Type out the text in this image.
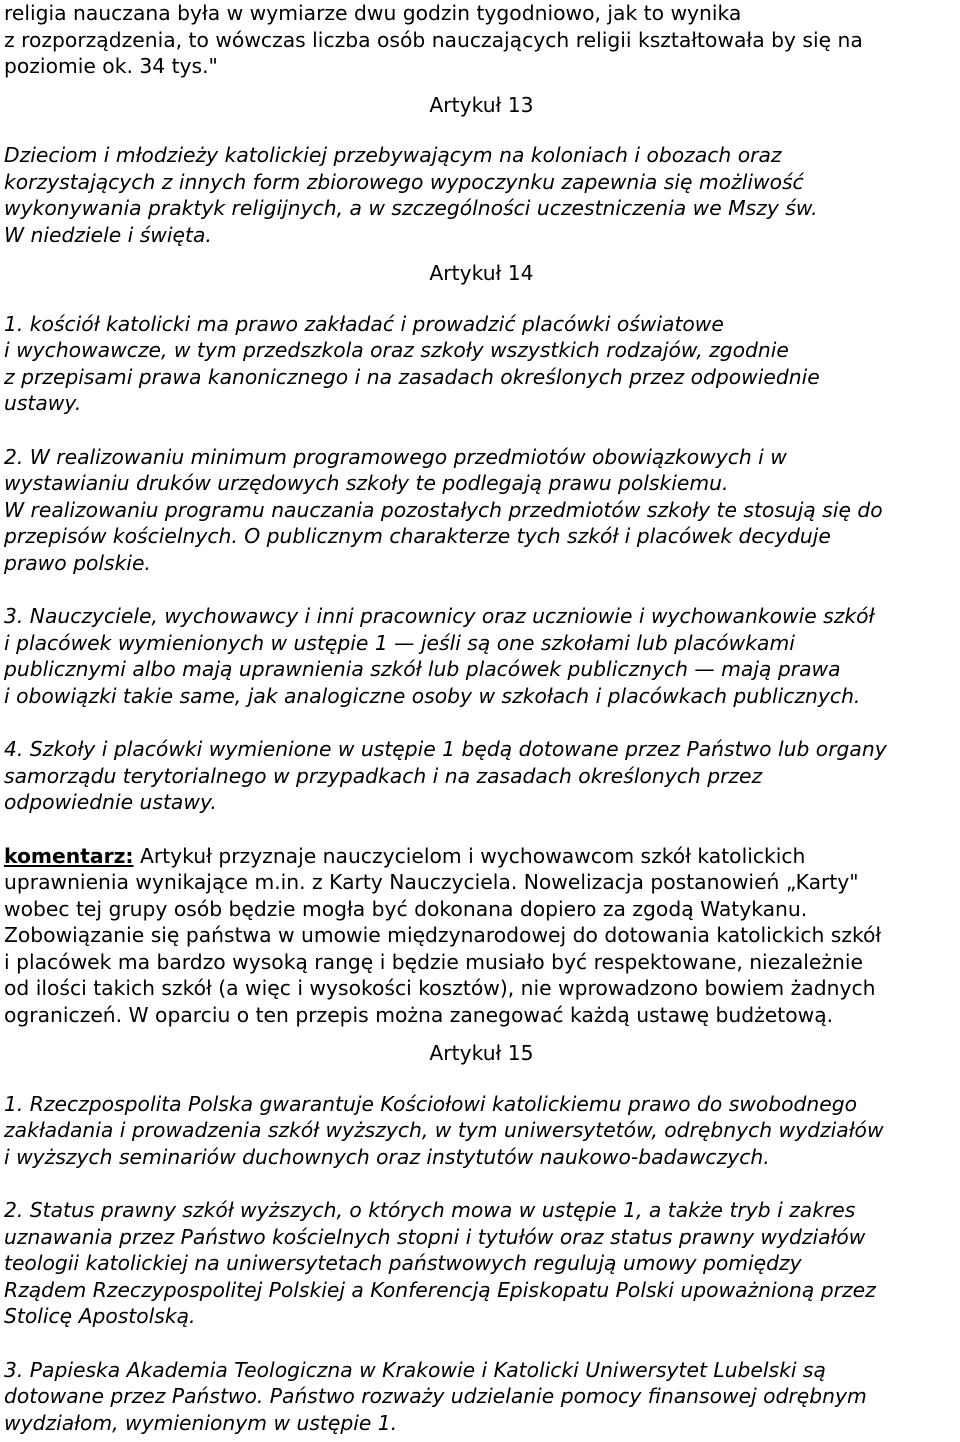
religia nauczana była w wymiarze dwu godzin tygodniowo, jak to wynika
z rozporządzenia, to wówczas liczba osób nauczających religii kształtowała by się na
poziomie ok. 34 tys."
Artykuł 13
Dzieciom i młodzieży katolickiej przebywającym na koloniach i obozach oraz
korzystających z innych form zbiorowego wypoczynku zapewnia się możliwość
wykonywania praktyk religijnych, a w szczególności uczestniczenia we Mszy św.
W niedziele i święta.
Artykuł 14
1. kościół katolicki ma prawo zakładać i prowadzić placówki oświatowe
i wychowawcze, w tym przedszkola oraz szkoły wszystkich rodzajów, zgodnie
z przepisami prawa kanonicznego i na zasadach określonych przez odpowiednie
ustawy.
2. W realizowaniu minimum programowego przedmiotów obowiązkowych i w
wystawianiu druków urzędowych szkoły te podlegają prawu polskiemu.
W realizowaniu programu nauczania pozostałych przedmiotów szkoły te stosują się do
przepisów kościelnych. O publicznym charakterze tych szkół i placówek decyduje
prawo polskie.
3. Nauczyciele, wychowawcy i inni pracownicy oraz uczniowie i wychowankowie szkół
i placówek wymienionych w ustępie 1 — jeśli są one szkołami lub placówkami
publicznymi albo mają uprawnienia szkół lub placówek publicznych — mają prawa
i obowiązki takie same, jak analogiczne osoby w szkołach i placówkach publicznych.
4. Szkoły i placówki wymienione w ustępie 1 będą dotowane przez Państwo lub organy
samorządu terytorialnego w przypadkach i na zasadach określonych przez
odpowiednie ustawy.
komentarz: Artykuł przyznaje nauczycielom i wychowawcom szkół katolickich
uprawnienia wynikające m.in. z Karty Nauczyciela. Nowelizacja postanowień „Karty"
wobec tej grupy osób będzie mogła być dokonana dopiero za zgodą Watykanu.
Zobowiązanie się państwa w umowie międzynarodowej do dotowania katolickich szkół
i placówek ma bardzo wysoką rangę i będzie musiało być respektowane, niezależnie
od ilości takich szkół (a więc i wysokości kosztów), nie wprowadzono bowiem żadnych
ograniczeń. W oparciu o ten przepis można zanegować każdą ustawę budżetową.
Artykuł 15
1. Rzeczpospolita Polska gwarantuje Kościołowi katolickiemu prawo do swobodnego
zakładania i prowadzenia szkół wyższych, w tym uniwersytetów, odrębnych wydziałów
i wyższych seminariów duchownych oraz instytutów naukowo-badawczych.
2. Status prawny szkół wyższych, o których mowa w ustępie 1, a także tryb i zakres
uznawania przez Państwo kościelnych stopni i tytułów oraz status prawny wydziałów
teologii katolickiej na uniwersytetach państwowych regulują umowy pomiędzy
Rządem Rzeczypospolitej Polskiej a Konferencją Episkopatu Polski upoważnioną przez
Stolicę Apostolską.
3. Papieska Akademia Teologiczna w Krakowie i Katolicki Uniwersytet Lubelski są
dotowane przez Państwo. Państwo rozważy udzielanie pomocy finansowej odrębnym
wydziałom, wymienionym w ustępie 1.
